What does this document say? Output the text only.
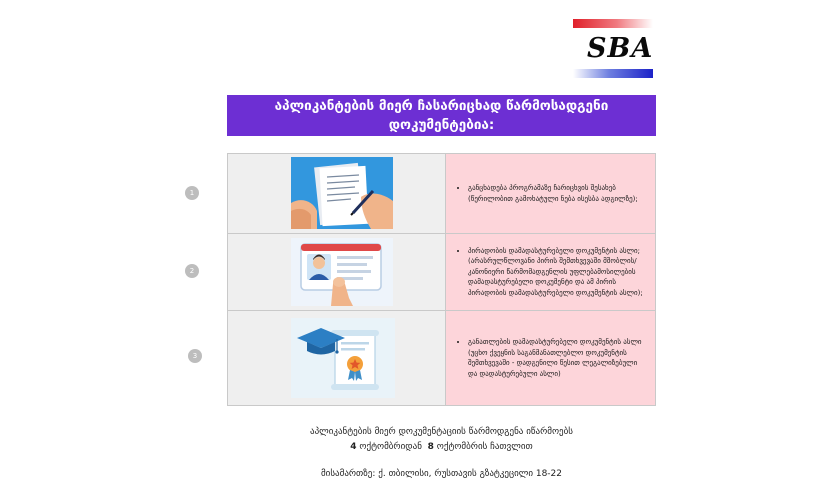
SBA
აპლიკანტების მიერ ჩასარიცხად წარმოსადგენი
დოკუმენტებია:
1
2
3
• განცხადება პროგრამაზე ჩარიცხვის შესახებ (წერილობით გამოხატული ნება ისესბა ადგილზე);
• პირადობის დამადასტურებელი დოკუმენტის ასლი; (არასრულწლოვანი პირის შემთხვევაში მშობლის/კანონიერი წარმომადგენლის უფლებამოსილების დამადასტურებელი დოკუმენტი და ამ პირის პირადობის დამადასტურებელი დოკუმენტის ასლი);
• განათლების დამადასტურებელი დოკუმენტის ასლი (უცხო ქვეყნის საგანმანათლებლო დოკუმენტის შემთხვევაში - დადგენილი წესით ლეგალიზებული და დადასტურებული ასლი)
აპლიკანტების მიერ დოკუმენტაციის წარმოდგენა იწარმოებს
4 ოქტომბრიდან 8 ოქტომბრის ჩათვლით
მისამართზე: ქ. თბილისი, რუსთავის გზატკეცილი 18-22
